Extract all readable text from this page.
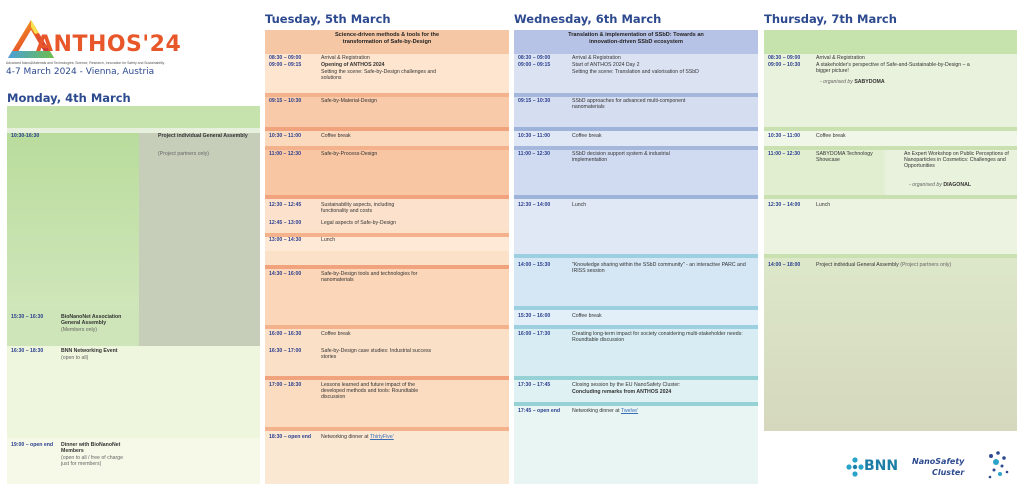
ANTHOS'24
Advanced Nano&Materials and Technologies: Science, Research, Innovation for Safety and Sustainability
4-7 March 2024 - Vienna, Austria
Monday, 4th March
10:30-16:30	Project individual General Assembly
(Project partners only)
15:30 – 16:30	BioNanoNet Association General Assembly
(Members only)
16:30 – 18:30	BNN Networking Event
(open to all)
19:00 – open end Dinner with BioNanoNet Members
(open to all / free of charge just for members)
Tuesday, 5th March
Science-driven methods & tools for the transformation of Safe-by-Design
08:30 – 09:00	Arrival & Registration
09:00 – 09:15	Opening of ANTHOS 2024
Setting the scene: Safe-by-Design challenges and solutions
09:15 – 10:30	Safe-by-Material-Design
10:30 – 11:00	Coffee break
11:00 – 12:30	Safe-by-Process-Design
12:30 – 12:45	Sustainability aspects, including functionality and costs
12:45 – 13:00	Legal aspects of Safe-by-Design
13:00 – 14:30	Lunch
14:30 – 16:00	Safe-by-Design tools and technologies for nanomaterials
16:00 – 16:30	Coffee break
16:30 – 17:00	Safe-by-Design case studies: Industrial success stories
17:00 – 18:30	Lessons learned and future impact of the developed methods and tools: Roundtable discussion
18:30 – open end Networking dinner at ThirtyFive'
Wednesday, 6th March
Translation & implementation of SSbD: Towards an innovation-driven SSbD ecosystem
08:30 – 09:00	Arrival & Registration
09:00 – 09:15	Start of ANTHOS 2024 Day 2
Setting the scene: Translation and valorisation of SSbD
09:15 – 10:30	SSbD approaches for advanced multi-component nanomaterials
10:30 – 11:00	Coffee break
11:00 – 12:30	SSbD decision support system & industrial implementation
12:30 – 14:00	Lunch
14:00 – 15:30	"Knowledge sharing within the SSbD community" - an interactive PARC and IRISS session
15:30 – 16:00	Coffee break
16:00 – 17:30	Creating long-term impact for society considering multi-stakeholder needs: Roundtable discussion
17:30 – 17:45	Closing session by the EU NanoSafety Cluster:
Concluding remarks from ANTHOS 2024
17:45 – open end Networking dinner at Twelve'
Thursday, 7th March
08:30 – 09:00	Arrival & Registration
09:00 – 10:30	A stakeholder's perspective of Safe-and-Sustainable-by-Design – a bigger picture!
- organised by SABYDOMA
10:30 – 11:00	Coffee break
11:00 – 12:30	SABYDOMA Technology Showcase
An Expert Workshop on Public Perceptions of Nanoparticles in Cosmetics: Challenges and Opportunities
- organised by DIAGONAL
12:30 – 14:00	Lunch
14:00 – 18:00	Project individual General Assembly (Project partners only)
BNN NanoSafety
Cluster
